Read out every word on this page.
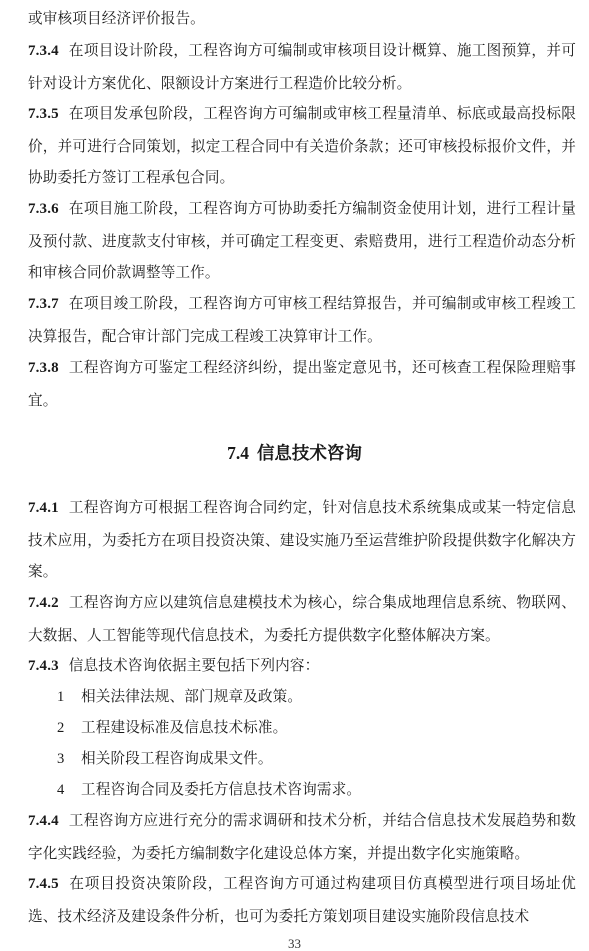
或审核项目经济评价报告。

7.3.4 在项目设计阶段，工程咨询方可编制或审核项目设计概算、施工图预算，并可针对设计方案优化、限额设计方案进行工程造价比较分析。

7.3.5 在项目发承包阶段，工程咨询方可编制或审核工程量清单、标底或最高投标限价，并可进行合同策划，拟定工程合同中有关造价条款；还可审核投标报价文件，并协助委托方签订工程承包合同。

7.3.6 在项目施工阶段，工程咨询方可协助委托方编制资金使用计划，进行工程计量及预付款、进度款支付审核，并可确定工程变更、索赔费用，进行工程造价动态分析和审核合同价款调整等工作。

7.3.7 在项目竣工阶段，工程咨询方可审核工程结算报告，并可编制或审核工程竣工决算报告，配合审计部门完成工程竣工决算审计工作。

7.3.8 工程咨询方可鉴定工程经济纠纷，提出鉴定意见书，还可核查工程保险理赔事宜。

7.4 信息技术咨询

7.4.1 工程咨询方可根据工程咨询合同约定，针对信息技术系统集成或某一特定信息技术应用，为委托方在项目投资决策、建设实施乃至运营维护阶段提供数字化解决方案。

7.4.2 工程咨询方应以建筑信息建模技术为核心，综合集成地理信息系统、物联网、大数据、人工智能等现代信息技术，为委托方提供数字化整体解决方案。

7.4.3 信息技术咨询依据主要包括下列内容：

1 相关法律法规、部门规章及政策。

2 工程建设标准及信息技术标准。

3 相关阶段工程咨询成果文件。

4 工程咨询合同及委托方信息技术咨询需求。

7.4.4 工程咨询方应进行充分的需求调研和技术分析，并结合信息技术发展趋势和数字化实践经验，为委托方编制数字化建设总体方案，并提出数字化实施策略。

7.4.5 在项目投资决策阶段，工程咨询方可通过构建项目仿真模型进行项目场址优选、技术经济及建设条件分析，也可为委托方策划项目建设实施阶段信息技术

33
